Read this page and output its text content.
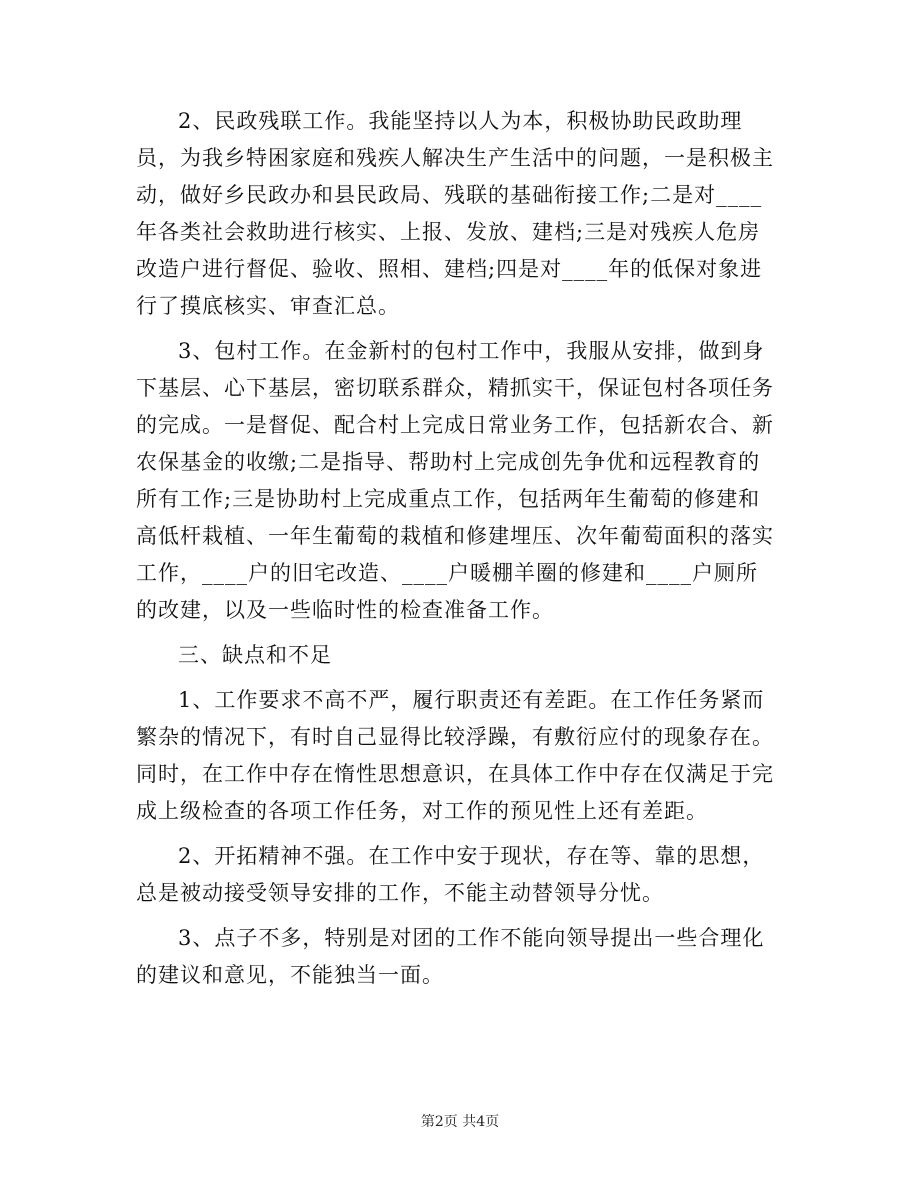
2、民政残联工作。我能坚持以人为本，积极协助民政助理员，为我乡特困家庭和残疾人解决生产生活中的问题，一是积极主动，做好乡民政办和县民政局、残联的基础衔接工作;二是对____年各类社会救助进行核实、上报、发放、建档;三是对残疾人危房改造户进行督促、验收、照相、建档;四是对____年的低保对象进行了摸底核实、审查汇总。

3、包村工作。在金新村的包村工作中，我服从安排，做到身下基层、心下基层，密切联系群众，精抓实干，保证包村各项任务的完成。一是督促、配合村上完成日常业务工作，包括新农合、新农保基金的收缴;二是指导、帮助村上完成创先争优和远程教育的所有工作;三是协助村上完成重点工作，包括两年生葡萄的修建和高低杆栽植、一年生葡萄的栽植和修建埋压、次年葡萄面积的落实工作，____户的旧宅改造、____户暖棚羊圈的修建和____户厕所的改建，以及一些临时性的检查准备工作。

三、缺点和不足

1、工作要求不高不严，履行职责还有差距。在工作任务紧而繁杂的情况下，有时自己显得比较浮躁，有敷衍应付的现象存在。同时，在工作中存在惰性思想意识，在具体工作中存在仅满足于完成上级检查的各项工作任务，对工作的预见性上还有差距。

2、开拓精神不强。在工作中安于现状，存在等、靠的思想，总是被动接受领导安排的工作，不能主动替领导分忧。

3、点子不多，特别是对团的工作不能向领导提出一些合理化的建议和意见，不能独当一面。

第2页 共4页
